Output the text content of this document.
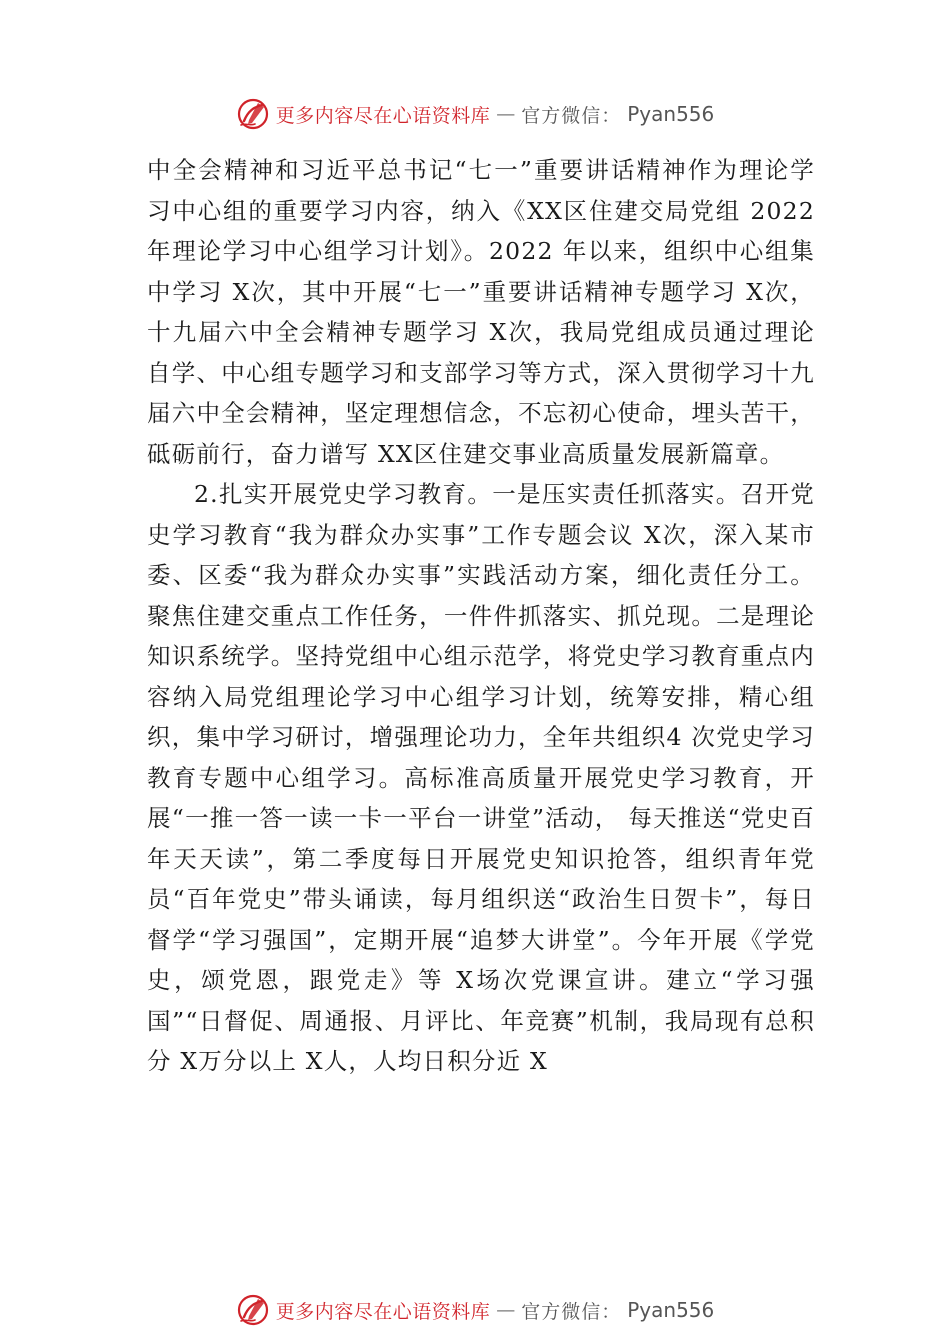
更多内容尽在心语资料库 — 官方微信： Pyan556

中全会精神和习近平总书记“七一”重要讲话精神作为理论学习中心组的重要学习内容，纳入《XX区住建交局党组 2022年理论学习中心组学习计划》。2022 年以来，组织中心组集中学习 X次，其中开展“七一”重要讲话精神专题学习 X次，十九届六中全会精神专题学习 X次，我局党组成员通过理论自学、中心组专题学习和支部学习等方式，深入贯彻学习十九届六中全会精神，坚定理想信念，不忘初心使命，埋头苦干，砥砺前行，奋力谱写 XX区住建交事业高质量发展新篇章。

2.扎实开展党史学习教育。一是压实责任抓落实。召开党史学习教育“我为群众办实事”工作专题会议 X次，深入某市委、区委“我为群众办实事”实践活动方案，细化责任分工。聚焦住建交重点工作任务，一件件抓落实、抓兑现。二是理论知识系统学。坚持党组中心组示范学，将党史学习教育重点内容纳入局党组理论学习中心组学习计划，统筹安排，精心组织，集中学习研讨，增强理论功力，全年共组织4 次党史学习教育专题中心组学习。高标准高质量开展党史学习教育，开展“一推一答一读一卡一平台一讲堂”活动， 每天推送“党史百年天天读”，第二季度每日开展党史知识抢答，组织青年党员“百年党史”带头诵读，每月组织送“政治生日贺卡”，每日督学“学习强国”，定期开展“追梦大讲堂”。今年开展《学党史，颂党恩，跟党走》等 X场次党课宣讲。建立“学习强国”“日督促、周通报、月评比、年竞赛”机制，我局现有总积分 X万分以上 X人，人均日积分近 X

更多内容尽在心语资料库 — 官方微信： Pyan556
